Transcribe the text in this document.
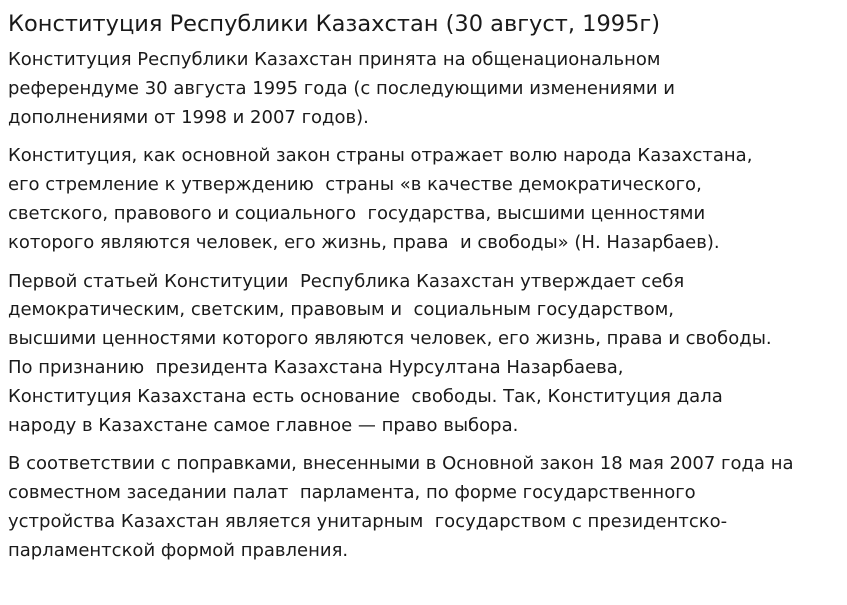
Конституция Республики Казахстан (30 август, 1995г)

Конституция Республики Казахстан принята на общенациональном
референдуме 30 августа 1995 года (с последующими изменениями и
дополнениями от 1998 и 2007 годов).

Конституция, как основной закон страны отражает волю народа Казахстана,
его стремление к утверждению  страны «в качестве демократического,
светского, правового и социального  государства, высшими ценностями
которого являются человек, его жизнь, права  и свободы» (Н. Назарбаев).

Первой статьей Конституции  Республика Казахстан утверждает себя
демократическим, светским, правовым и  социальным государством,
высшими ценностями которого являются человек, его жизнь, права и свободы.
По признанию  президента Казахстана Нурсултана Назарбаева,
Конституция Казахстана есть основание  свободы. Так, Конституция дала
народу в Казахстане самое главное — право выбора.

В соответствии с поправками, внесенными в Основной закон 18 мая 2007 года на
совместном заседании палат  парламента, по форме государственного
устройства Казахстан является унитарным  государством с президентско-
парламентской формой правления.
